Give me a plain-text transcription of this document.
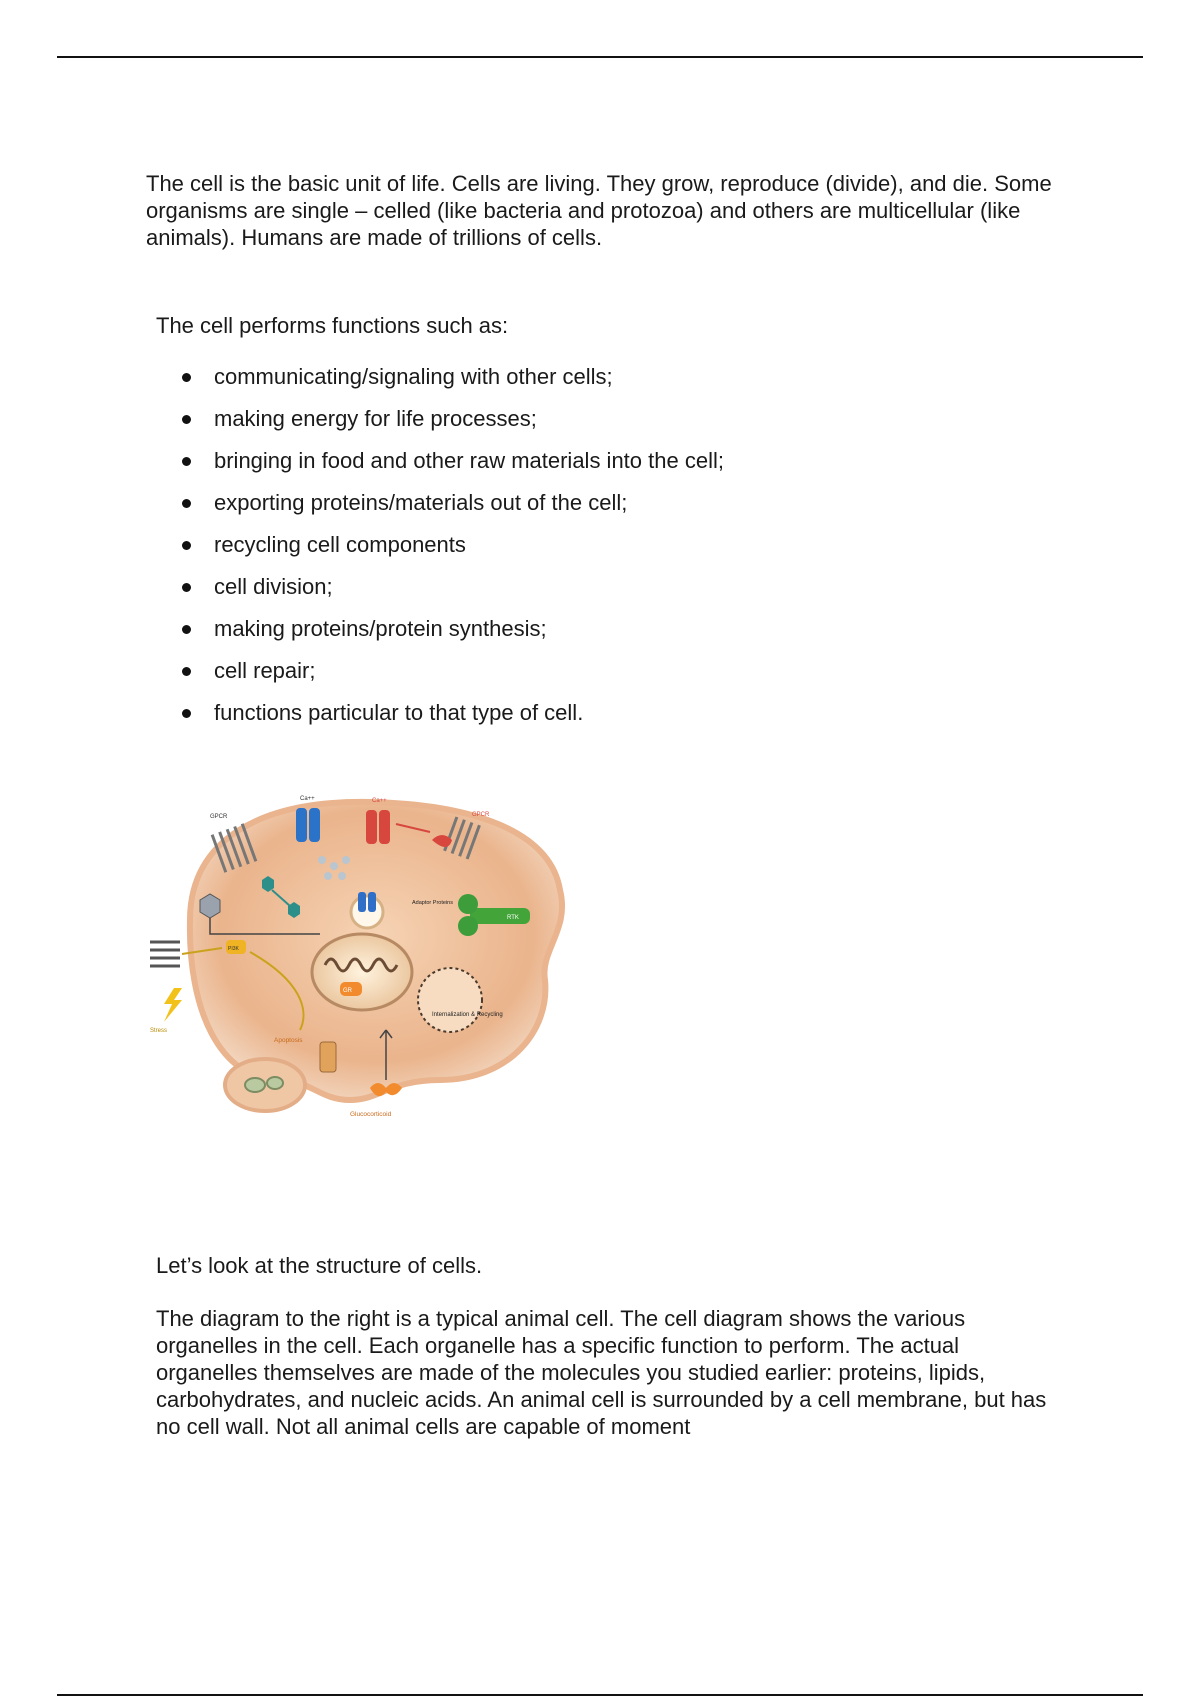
The cell is the basic unit of life. Cells are living. They grow, reproduce (divide), and die. Some organisms are single – celled (like bacteria and protozoa) and others are multicellular (like animals). Humans are made of trillions of cells.

The cell performs functions such as:

communicating/signaling with other cells;
making energy for life processes;
bringing in food and other raw materials into the cell;
exporting proteins/materials out of the cell;
recycling cell components
cell division;
making proteins/protein synthesis;
cell repair;
functions particular to that type of cell.
Internalization & Recycling
Ca++	Ca++
GPCR	GPCR
RTK
Adaptor Proteins
PI3K
Stress
Apoptosis
GR
Glucocorticoid

Let’s look at the structure of cells.

The diagram to the right is a typical animal cell. The cell diagram shows the various organelles in the cell. Each organelle has a specific function to perform. The actual organelles themselves are made of the molecules you studied earlier: proteins, lipids, carbohydrates, and nucleic acids. An animal cell is surrounded by a cell membrane, but has no cell wall. Not all animal cells are capable of moment
